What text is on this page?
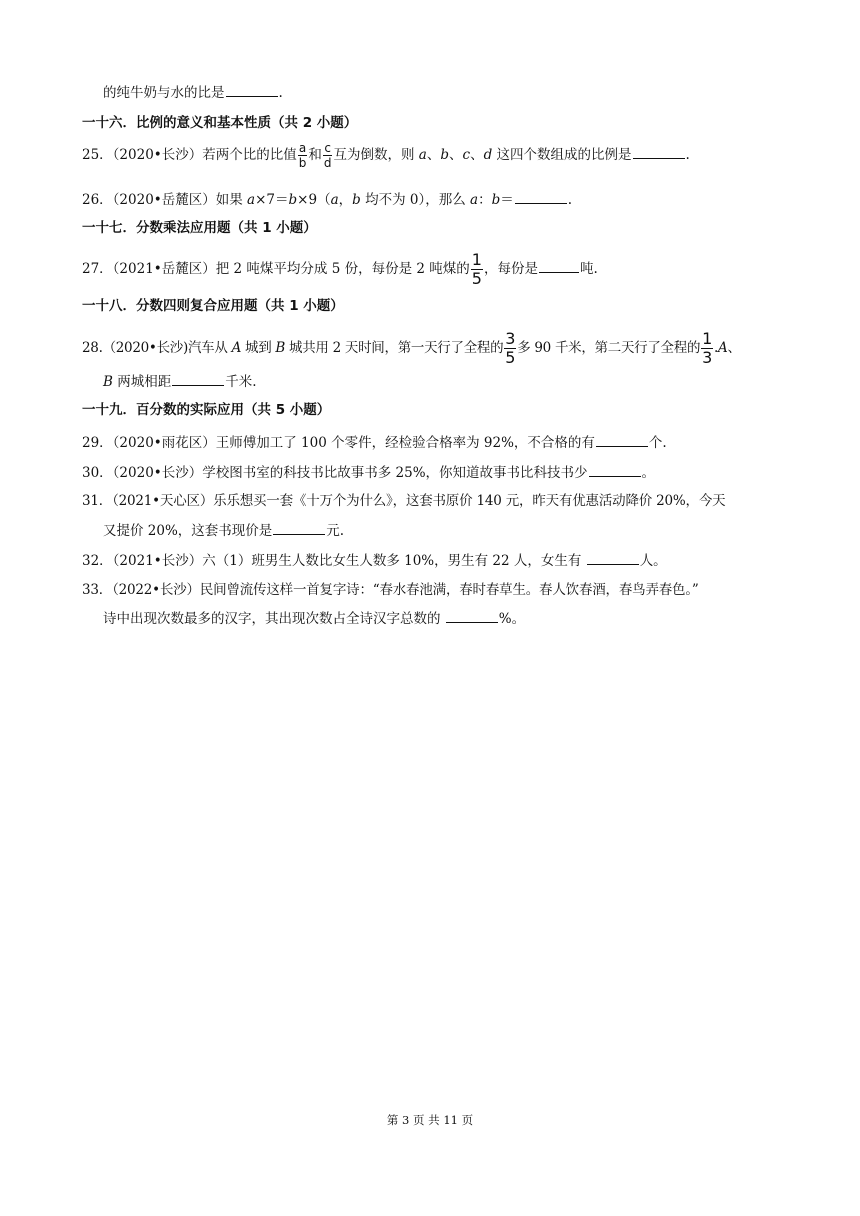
的纯牛奶与水的比是	.
一十六．比例的意义和基本性质（共 2 小题）
25．（2020•长沙）若两个比的比值 $\frac{a}{b}$ 和 $\frac{c}{d}$ 互为倒数，则 a、b、c、d 这四个数组成的比例是	.
26．（2020•岳麓区）如果 a×7＝b×9（a，b 均不为 0），那么 a：b＝	.
一十七．分数乘法应用题（共 1 小题）
27．（2021•岳麓区）把 2 吨煤平均分成 5 份，每份是 2 吨煤的 $\frac{1}{5}$ ，每份是	吨.
一十八．分数四则复合应用题（共 1 小题）
28.（2020•长沙)汽车从 A 城到 B 城共用 2 天时间，第一天行了全程的 $\frac{3}{5}$ 多 90 千米，第二天行了全程的 $\frac{1}{3} .A$、
B 两城相距	千米.
一十九．百分数的实际应用（共 5 小题）
29．（2020•雨花区）王师傅加工了 100 个零件，经检验合格率为 92%，不合格的有	个.
30．（2020•长沙）学校图书室的科技书比故事书多 25%，你知道故事书比科技书少	。
31．（2021•天心区）乐乐想买一套《十万个为什么》，这套书原价 140 元，昨天有优惠活动降价 20%，今天
又提价 20%，这套书现价是	元.
32．（2021•长沙）六（1）班男生人数比女生人数多 10%，男生有 22 人，女生有	人。
33．（2022•长沙）民间曾流传这样一首复字诗：“春水春池满，春时春草生。春人饮春酒，春鸟弄春色。”
诗中出现次数最多的汉字，其出现次数占全诗汉字总数的	%。
第 3 页 共 11 页
